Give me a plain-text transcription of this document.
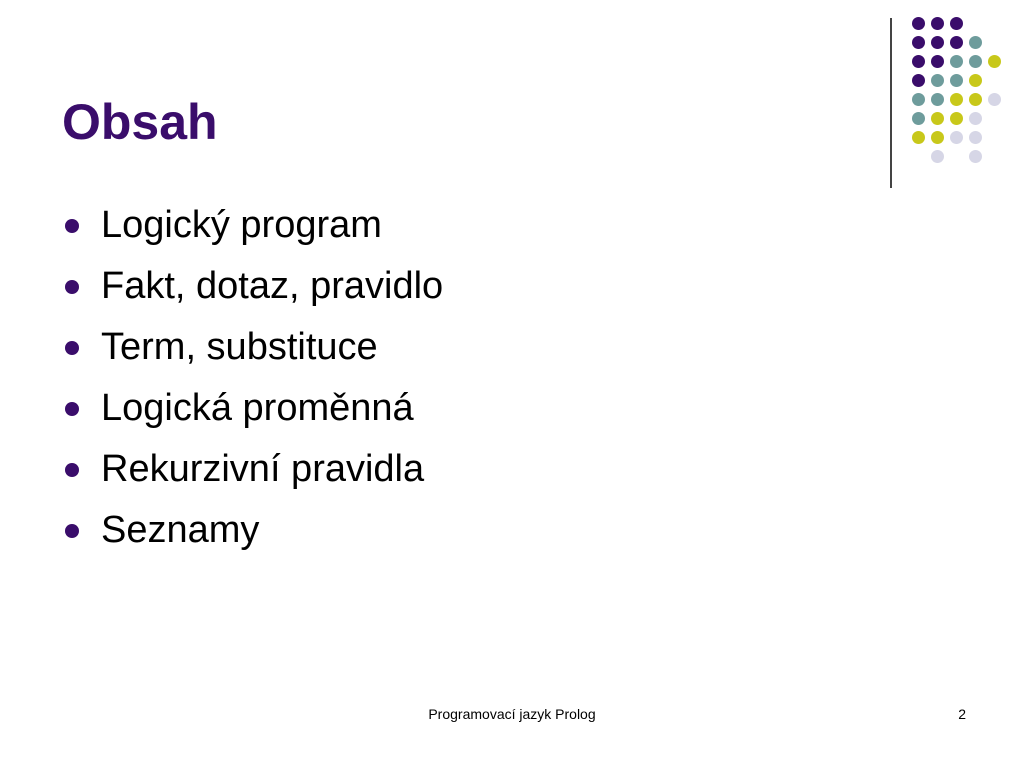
Obsah
Logický program
Fakt, dotaz, pravidlo
Term, substituce
Logická proměnná
Rekurzivní pravidla
Seznamy
Programovací jazyk Prolog	2
